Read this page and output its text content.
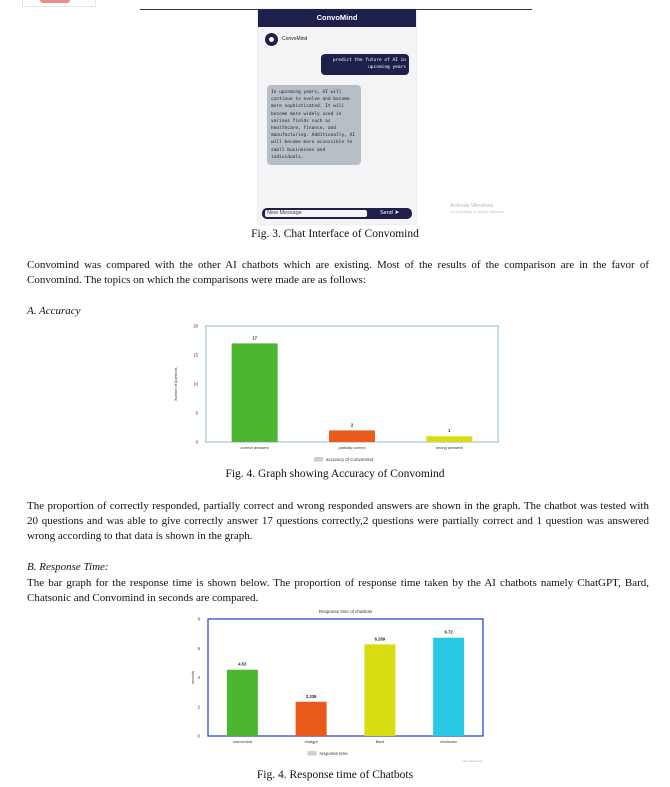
ConvoMind
ConvoMind
predict the future of AI in upcoming years
In upcoming years, AI will continue to evolve and become more sophisticated. It will become more widely used in various fields such as healthcare, finance, and manufacturing. Additionally, AI will become more accessible to small businesses and individuals.
New Message	Send ➤
Activate Windows
Go to Settings to activate Windows.
Fig. 3. Chat Interface of Convomind

Convomind was compared with the other AI chatbots which are existing. Most of the results of the comparison are in the favor of Convomind. The topics on which the comparisons were made are as follows:

A. Accuracy
Number of Questions
0
5
10
15
20
17
correct answers
2
partially correct
1
wrong answers
accuracy of Convomind
Fig. 4. Graph showing Accuracy of Convomind

The proportion of correctly responded, partially correct and wrong responded answers are shown in the graph. The chatbot was tested with 20 questions and was able to give correctly answer 17 questions correctly,2 questions were partially correct and 1 question was answered wrong according to that data is shown in the graph.

B. Response Time:

The bar graph for the response time is shown below. The proportion of response time taken by the AI chatbots namely ChatGPT, Bard, Chatsonic and Convomind in seconds are compared.

Response time of chatbots
seconds
0
2
4
6
8
4.53
convomind
2.339
chatgpt
6.269
Bard
6.72
chatsonic
response time
meta-chart.com
Fig. 4. Response time of Chatbots
